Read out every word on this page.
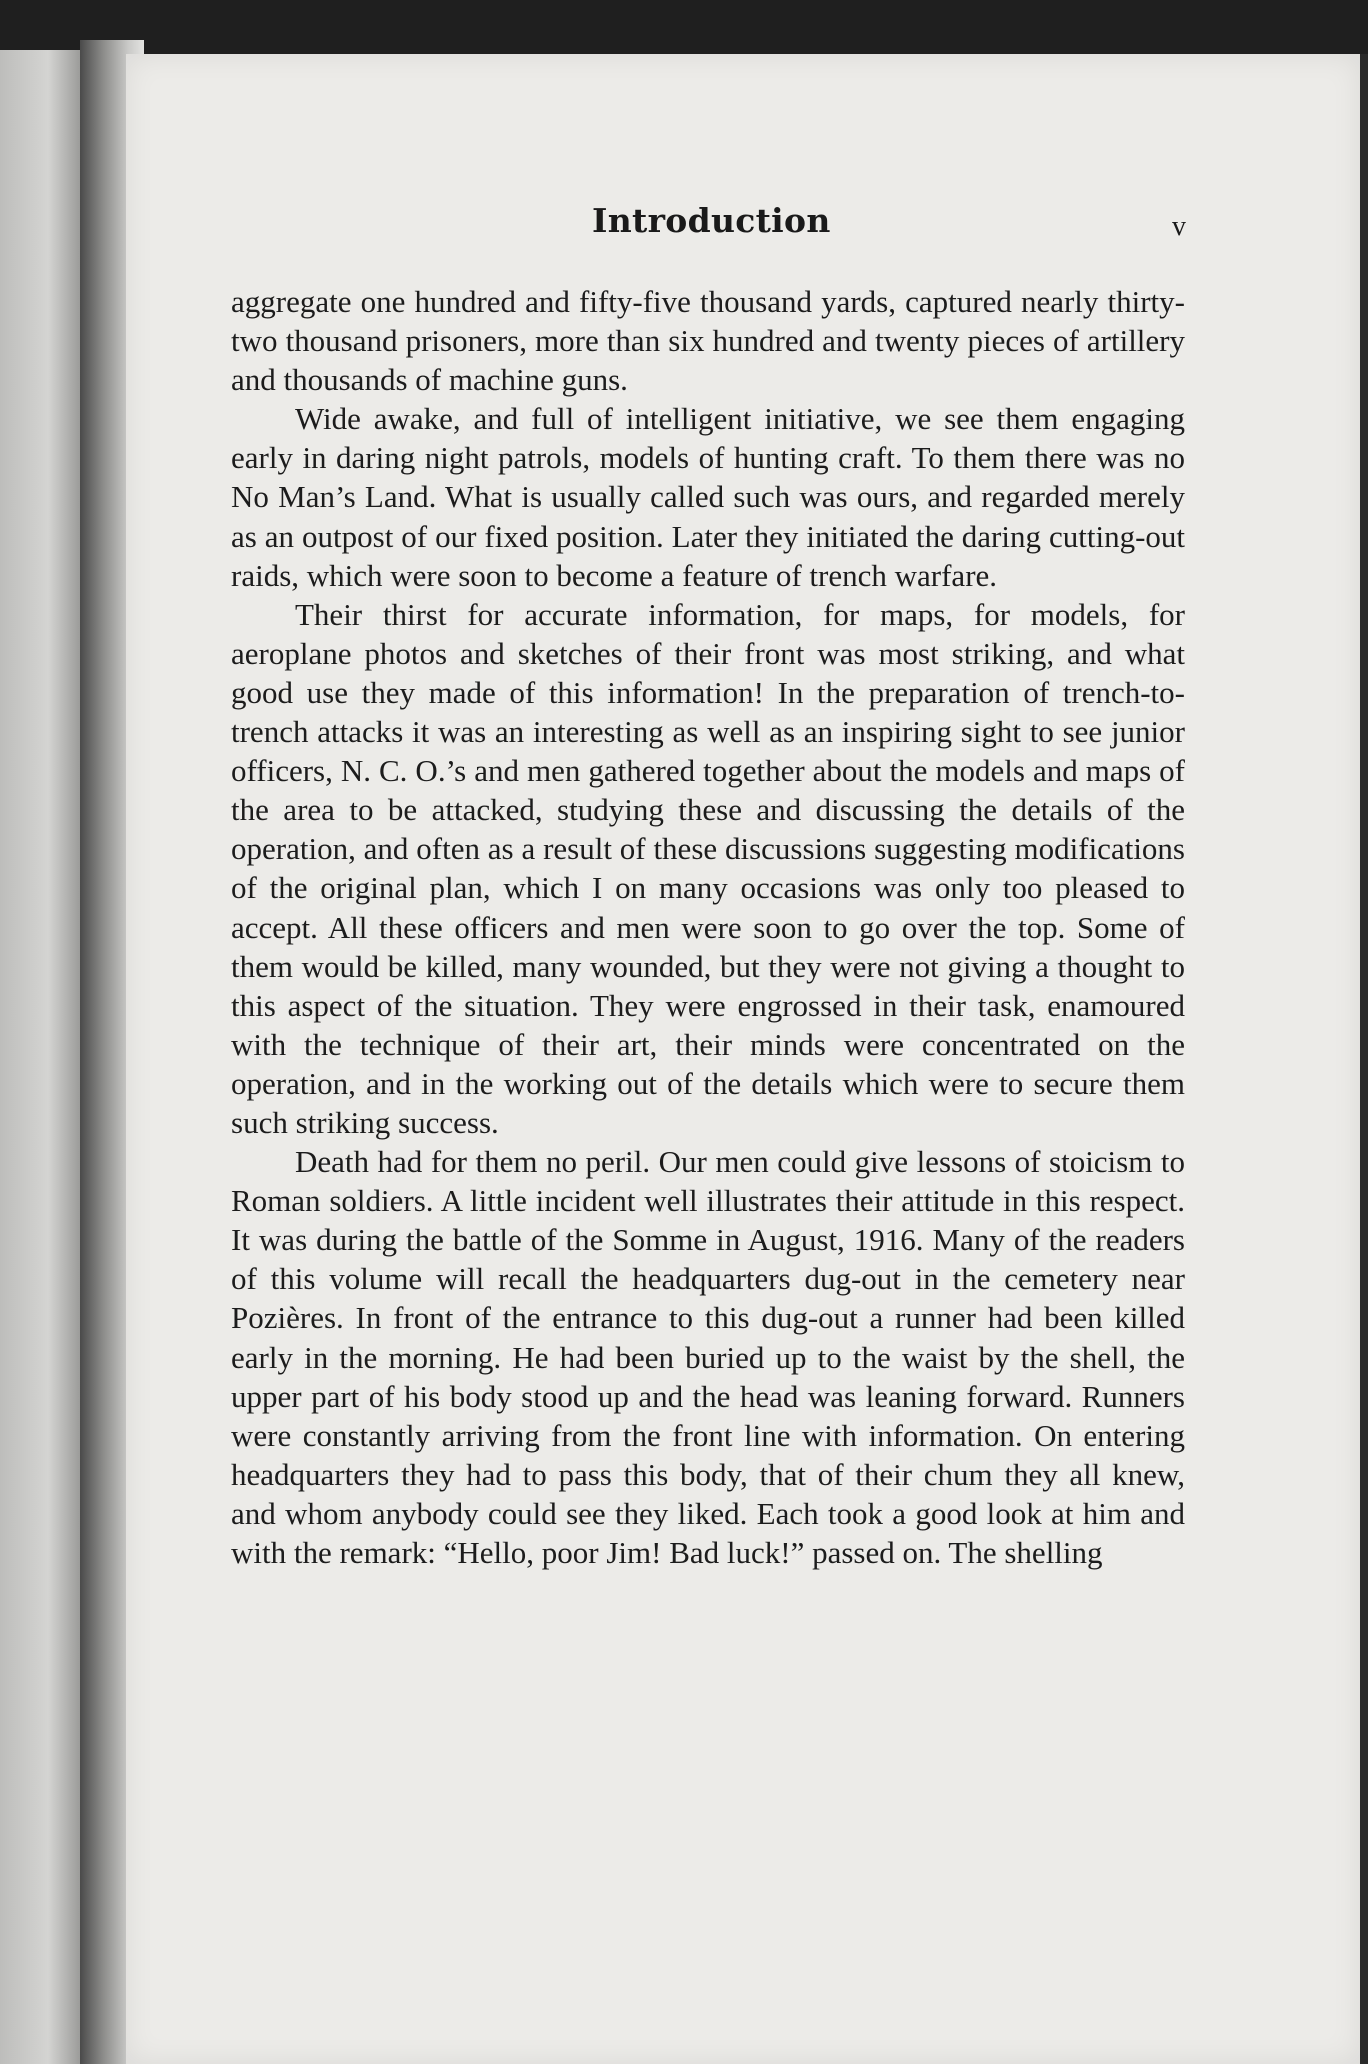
Introduction	v

aggregate one hundred and fifty-five thousand yards, captured nearly thirty-two thousand prisoners, more than six hundred and twenty pieces of artillery and thousands of machine guns.

Wide awake, and full of intelligent initiative, we see them engaging early in daring night patrols, models of hunting craft. To them there was no No Man’s Land. What is usually called such was ours, and regarded merely as an outpost of our fixed position. Later they initiated the daring cutting-out raids, which were soon to become a feature of trench warfare.

Their thirst for accurate information, for maps, for models, for aeroplane photos and sketches of their front was most striking, and what good use they made of this information! In the preparation of trench-to-trench attacks it was an interesting as well as an inspiring sight to see junior officers, N. C. O.’s and men gathered together about the models and maps of the area to be attacked, studying these and discussing the details of the operation, and often as a result of these discussions suggesting modifications of the original plan, which I on many occasions was only too pleased to accept. All these officers and men were soon to go over the top. Some of them would be killed, many wounded, but they were not giving a thought to this aspect of the situation. They were engrossed in their task, enamoured with the technique of their art, their minds were concentrated on the operation, and in the working out of the details which were to secure them such striking success.

Death had for them no peril. Our men could give lessons of stoicism to Roman soldiers. A little incident well illustrates their attitude in this respect. It was during the battle of the Somme in August, 1916. Many of the readers of this volume will recall the headquarters dug-out in the cemetery near Pozières. In front of the entrance to this dug-out a runner had been killed early in the morning. He had been buried up to the waist by the shell, the upper part of his body stood up and the head was leaning forward. Runners were constantly arriving from the front line with information. On entering headquarters they had to pass this body, that of their chum they all knew, and whom anybody could see they liked. Each took a good look at him and with the remark: “Hello, poor Jim! Bad luck!” passed on. The shelling
